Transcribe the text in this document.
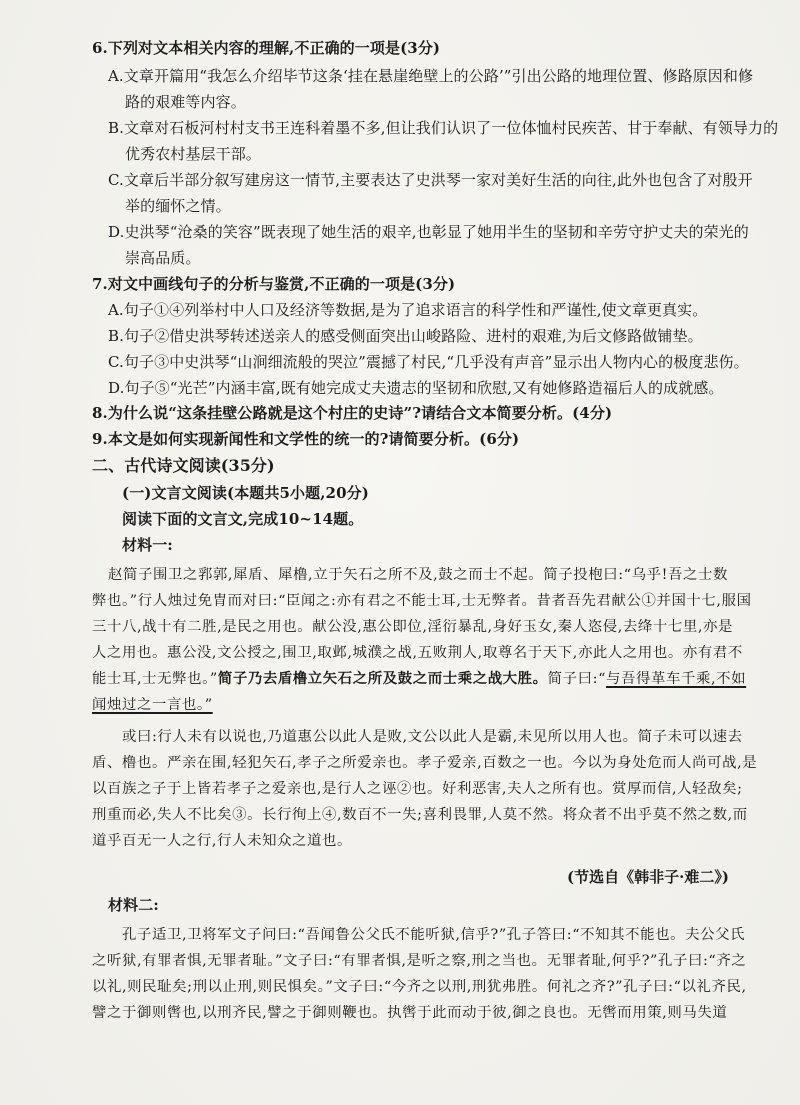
6.下列对文本相关内容的理解,不正确的一项是(3分)
A.文章开篇用“我怎么介绍毕节这条‘挂在悬崖绝壁上的公路’”引出公路的地理位置、修路原因和修
路的艰难等内容。
B.文章对石板河村村支书王连科着墨不多,但让我们认识了一位体恤村民疾苦、甘于奉献、有领导力的
优秀农村基层干部。
C.文章后半部分叙写建房这一情节,主要表达了史洪琴一家对美好生活的向往,此外也包含了对殷开
举的缅怀之情。
D.史洪琴“沧桑的笑容”既表现了她生活的艰辛,也彰显了她用半生的坚韧和辛劳守护丈夫的荣光的
崇高品质。
7.对文中画线句子的分析与鉴赏,不正确的一项是(3分)
A.句子①④列举村中人口及经济等数据,是为了追求语言的科学性和严谨性,使文章更真实。
B.句子②借史洪琴转述送亲人的感受侧面突出山峻路险、进村的艰难,为后文修路做铺垫。
C.句子③中史洪琴“山涧细流般的哭泣”震撼了村民,“几乎没有声音”显示出人物内心的极度悲伤。
D.句子⑤“光芒”内涵丰富,既有她完成丈夫遗志的坚韧和欣慰,又有她修路造福后人的成就感。
8.为什么说“这条挂壁公路就是这个村庄的史诗”?请结合文本简要分析。(4分)
9.本文是如何实现新闻性和文学性的统一的?请简要分析。(6分)
二、古代诗文阅读(35分)
(一)文言文阅读(本题共5小题,20分)
阅读下面的文言文,完成10~14题。
材料一:
赵简子围卫之郛郭,犀盾、犀橹,立于矢石之所不及,鼓之而士不起。简子投枹曰:“乌乎!吾之士数
弊也。”行人烛过免胄而对曰:“臣闻之:亦有君之不能士耳,士无弊者。昔者吾先君献公①并国十七,服国
三十八,战十有二胜,是民之用也。献公没,惠公即位,淫衍暴乱,身好玉女,秦人恣侵,去绛十七里,亦是
人之用也。惠公没,文公授之,围卫,取邺,城濮之战,五败荆人,取尊名于天下,亦此人之用也。亦有君不
能士耳,士无弊也。”简子乃去盾橹立矢石之所及鼓之而士乘之战大胜。简子曰:“与吾得革车千乘,不如
闻烛过之一言也。”
或曰:行人未有以说也,乃道惠公以此人是败,文公以此人是霸,未见所以用人也。简子未可以速去
盾、橹也。严亲在围,轻犯矢石,孝子之所爱亲也。孝子爱亲,百数之一也。今以为身处危而人尚可战,是
以百族之子于上皆若孝子之爱亲也,是行人之诬②也。好利恶害,夫人之所有也。赏厚而信,人轻敌矣;
刑重而必,失人不比矣③。长行徇上④,数百不一失;喜利畏罪,人莫不然。将众者不出乎莫不然之数,而
道乎百无一人之行,行人未知众之道也。
(节选自《韩非子·难二》)
材料二:
孔子适卫,卫将军文子问曰:“吾闻鲁公父氏不能听狱,信乎?”孔子答曰:“不知其不能也。夫公父氏
之听狱,有罪者惧,无罪者耻。”文子曰:“有罪者惧,是听之察,刑之当也。无罪者耻,何乎?”孔子曰:“齐之
以礼,则民耻矣;刑以止刑,则民惧矣。”文子曰:“今齐之以刑,刑犹弗胜。何礼之齐?”孔子曰:“以礼齐民,
譬之于御则辔也,以刑齐民,譬之于御则鞭也。执辔于此而动于彼,御之良也。无辔而用策,则马失道
